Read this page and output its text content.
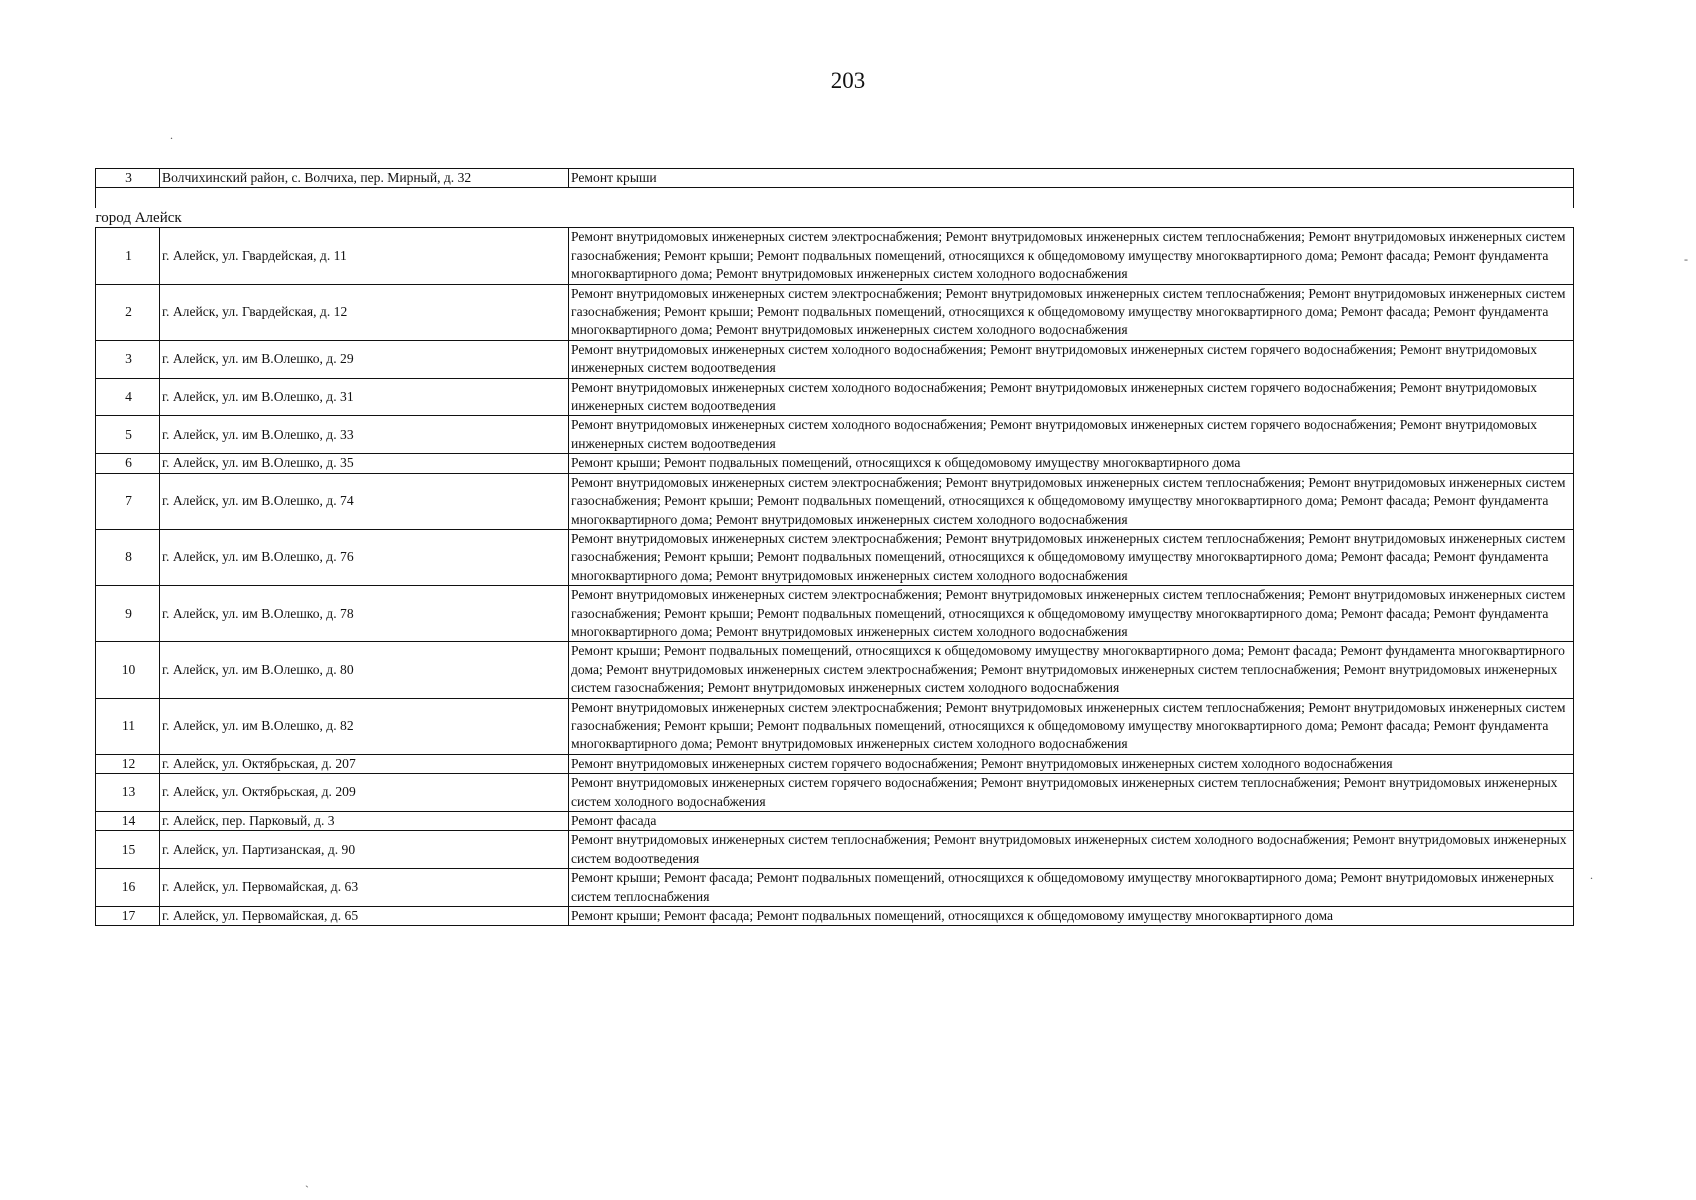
203
3	Волчихинский район, с. Волчиха, пер. Мирный, д. 32	Ремонт крыши

город Алейск		
1	г. Алейск, ул. Гвардейская, д. 11	Ремонт внутридомовых инженерных систем электроснабжения; Ремонт внутридомовых инженерных систем теплоснабжения; Ремонт внутридомовых инженерных систем газоснабжения; Ремонт крыши; Ремонт подвальных помещений, относящихся к общедомовому имуществу многоквартирного дома; Ремонт фасада; Ремонт фундамента многоквартирного дома; Ремонт внутридомовых инженерных систем холодного водоснабжения
2	г. Алейск, ул. Гвардейская, д. 12	Ремонт внутридомовых инженерных систем электроснабжения; Ремонт внутридомовых инженерных систем теплоснабжения; Ремонт внутридомовых инженерных систем газоснабжения; Ремонт крыши; Ремонт подвальных помещений, относящихся к общедомовому имуществу многоквартирного дома; Ремонт фасада; Ремонт фундамента многоквартирного дома; Ремонт внутридомовых инженерных систем холодного водоснабжения
3	г. Алейск, ул. им В.Олешко, д. 29	Ремонт внутридомовых инженерных систем холодного водоснабжения; Ремонт внутридомовых инженерных систем горячего водоснабжения; Ремонт внутридомовых инженерных систем водоотведения
4	г. Алейск, ул. им В.Олешко, д. 31	Ремонт внутридомовых инженерных систем холодного водоснабжения; Ремонт внутридомовых инженерных систем горячего водоснабжения; Ремонт внутридомовых инженерных систем водоотведения
5	г. Алейск, ул. им В.Олешко, д. 33	Ремонт внутридомовых инженерных систем холодного водоснабжения; Ремонт внутридомовых инженерных систем горячего водоснабжения; Ремонт внутридомовых инженерных систем водоотведения
6	г. Алейск, ул. им В.Олешко, д. 35	Ремонт крыши; Ремонт подвальных помещений, относящихся к общедомовому имуществу многоквартирного дома
7	г. Алейск, ул. им В.Олешко, д. 74	Ремонт внутридомовых инженерных систем электроснабжения; Ремонт внутридомовых инженерных систем теплоснабжения; Ремонт внутридомовых инженерных систем газоснабжения; Ремонт крыши; Ремонт подвальных помещений, относящихся к общедомовому имуществу многоквартирного дома; Ремонт фасада; Ремонт фундамента многоквартирного дома; Ремонт внутридомовых инженерных систем холодного водоснабжения
8	г. Алейск, ул. им В.Олешко, д. 76	Ремонт внутридомовых инженерных систем электроснабжения; Ремонт внутридомовых инженерных систем теплоснабжения; Ремонт внутридомовых инженерных систем газоснабжения; Ремонт крыши; Ремонт подвальных помещений, относящихся к общедомовому имуществу многоквартирного дома; Ремонт фасада; Ремонт фундамента многоквартирного дома; Ремонт внутридомовых инженерных систем холодного водоснабжения
9	г. Алейск, ул. им В.Олешко, д. 78	Ремонт внутридомовых инженерных систем электроснабжения; Ремонт внутридомовых инженерных систем теплоснабжения; Ремонт внутридомовых инженерных систем газоснабжения; Ремонт крыши; Ремонт подвальных помещений, относящихся к общедомовому имуществу многоквартирного дома; Ремонт фасада; Ремонт фундамента многоквартирного дома; Ремонт внутридомовых инженерных систем холодного водоснабжения
10	г. Алейск, ул. им В.Олешко, д. 80	Ремонт крыши; Ремонт подвальных помещений, относящихся к общедомовому имуществу многоквартирного дома; Ремонт фасада; Ремонт фундамента многоквартирного дома; Ремонт внутридомовых инженерных систем электроснабжения; Ремонт внутридомовых инженерных систем теплоснабжения; Ремонт внутридомовых инженерных систем газоснабжения; Ремонт внутридомовых инженерных систем холодного водоснабжения
11	г. Алейск, ул. им В.Олешко, д. 82	Ремонт внутридомовых инженерных систем электроснабжения; Ремонт внутридомовых инженерных систем теплоснабжения; Ремонт внутридомовых инженерных систем газоснабжения; Ремонт крыши; Ремонт подвальных помещений, относящихся к общедомовому имуществу многоквартирного дома; Ремонт фасада; Ремонт фундамента многоквартирного дома; Ремонт внутридомовых инженерных систем холодного водоснабжения
12	г. Алейск, ул. Октябрьская, д. 207	Ремонт внутридомовых инженерных систем горячего водоснабжения; Ремонт внутридомовых инженерных систем холодного водоснабжения
13	г. Алейск, ул. Октябрьская, д. 209	Ремонт внутридомовых инженерных систем горячего водоснабжения; Ремонт внутридомовых инженерных систем теплоснабжения; Ремонт внутридомовых инженерных систем холодного водоснабжения
14	г. Алейск, пер. Парковый, д. 3	Ремонт фасада
15	г. Алейск, ул. Партизанская, д. 90	Ремонт внутридомовых инженерных систем теплоснабжения; Ремонт внутридомовых инженерных систем холодного водоснабжения; Ремонт внутридомовых инженерных систем водоотведения
16	г. Алейск, ул. Первомайская, д. 63	Ремонт крыши; Ремонт фасада; Ремонт подвальных помещений, относящихся к общедомовому имуществу многоквартирного дома; Ремонт внутридомовых инженерных систем теплоснабжения
17	г. Алейск, ул. Первомайская, д. 65	Ремонт крыши; Ремонт фасада; Ремонт подвальных помещений, относящихся к общедомовому имуществу многоквартирного дома
.
-
.
`
